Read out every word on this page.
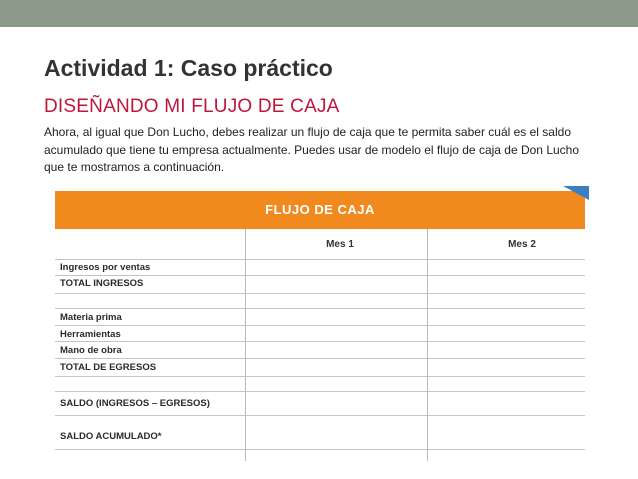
Actividad 1: Caso práctico
DISEÑANDO MI FLUJO DE CAJA
Ahora, al igual que Don Lucho, debes realizar un flujo de caja que te permita saber cuál es el saldo acumulado que tiene tu empresa actualmente. Puedes usar de modelo el flujo de caja de Don Lucho que te mostramos a continuación.
FLUJO DE CAJA
Mes 1	Mes 2
Ingresos por ventas
TOTAL INGRESOS
Materia prima
Herramientas
Mano de obra
TOTAL DE EGRESOS
SALDO (INGRESOS – EGRESOS)
SALDO ACUMULADO*
